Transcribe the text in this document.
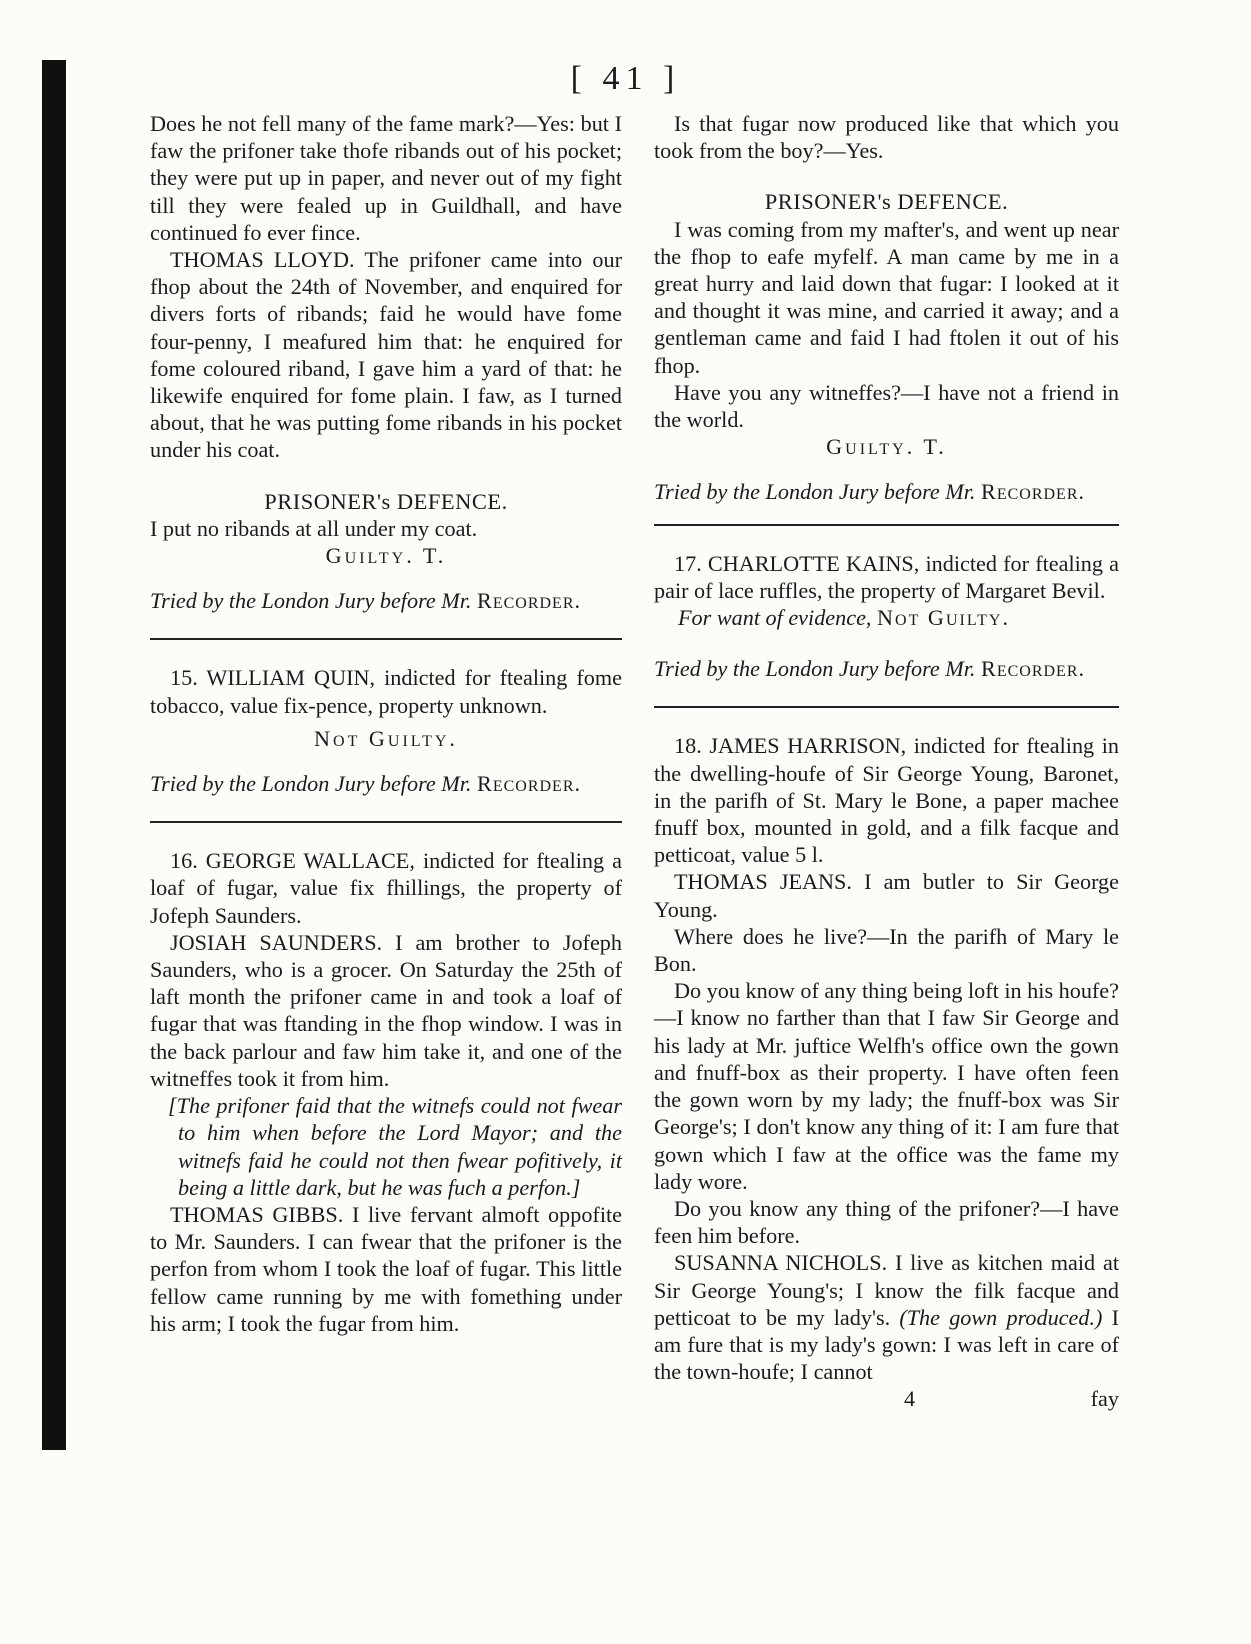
[ 41 ]

Does he not fell many of the fame mark?—Yes: but I faw the prifoner take thofe ribands out of his pocket; they were put up in paper, and never out of my fight till they were fealed up in Guildhall, and have continued fo ever fince.

THOMAS LLOYD. The prifoner came into our fhop about the 24th of November, and enquired for divers forts of ribands; faid he would have fome four-penny, I meafured him that: he enquired for fome coloured riband, I gave him a yard of that: he likewife enquired for fome plain. I faw, as I turned about, that he was putting fome ribands in his pocket under his coat.

PRISONER's DEFENCE.

I put no ribands at all under my coat.

Guilty. T.
Tried by the London Jury before Mr. Recorder.

15. WILLIAM QUIN, indicted for ftealing fome tobacco, value fix-pence, property unknown.

Not Guilty.
Tried by the London Jury before Mr. Recorder.

16. GEORGE WALLACE, indicted for ftealing a loaf of fugar, value fix fhillings, the property of Jofeph Saunders.

JOSIAH SAUNDERS. I am brother to Jofeph Saunders, who is a grocer. On Saturday the 25th of laft month the prifoner came in and took a loaf of fugar that was ftanding in the fhop window. I was in the back parlour and faw him take it, and one of the witneffes took it from him.

[The prifoner faid that the witnefs could not fwear to him when before the Lord Mayor; and the witnefs faid he could not then fwear pofitively, it being a little dark, but he was fuch a perfon.]

THOMAS GIBBS. I live fervant almoft oppofite to Mr. Saunders. I can fwear that the prifoner is the perfon from whom I took the loaf of fugar. This little fellow came running by me with fomething under his arm; I took the fugar from him.

Is that fugar now produced like that which you took from the boy?—Yes.

PRISONER's DEFENCE.

I was coming from my mafter's, and went up near the fhop to eafe myfelf. A man came by me in a great hurry and laid down that fugar: I looked at it and thought it was mine, and carried it away; and a gentleman came and faid I had ftolen it out of his fhop.

Have you any witneffes?—I have not a friend in the world.

Guilty. T.
Tried by the London Jury before Mr. Recorder.

17. CHARLOTTE KAINS, indicted for ftealing a pair of lace ruffles, the property of Margaret Bevil.

For want of evidence, Not Guilty.
Tried by the London Jury before Mr. Recorder.

18. JAMES HARRISON, indicted for ftealing in the dwelling-houfe of Sir George Young, Baronet, in the parifh of St. Mary le Bone, a paper machee fnuff box, mounted in gold, and a filk facque and petticoat, value 5 l.

THOMAS JEANS. I am butler to Sir George Young.

Where does he live?—In the parifh of Mary le Bon.

Do you know of any thing being loft in his houfe?—I know no farther than that I faw Sir George and his lady at Mr. juftice Welfh's office own the gown and fnuff-box as their property. I have often feen the gown worn by my lady; the fnuff-box was Sir George's; I don't know any thing of it: I am fure that gown which I faw at the office was the fame my lady wore.

Do you know any thing of the prifoner?—I have feen him before.

SUSANNA NICHOLS. I live as kitchen maid at Sir George Young's; I know the filk facque and petticoat to be my lady's. (The gown produced.) I am fure that is my lady's gown: I was left in care of the town-houfe; I cannot

4	fay
